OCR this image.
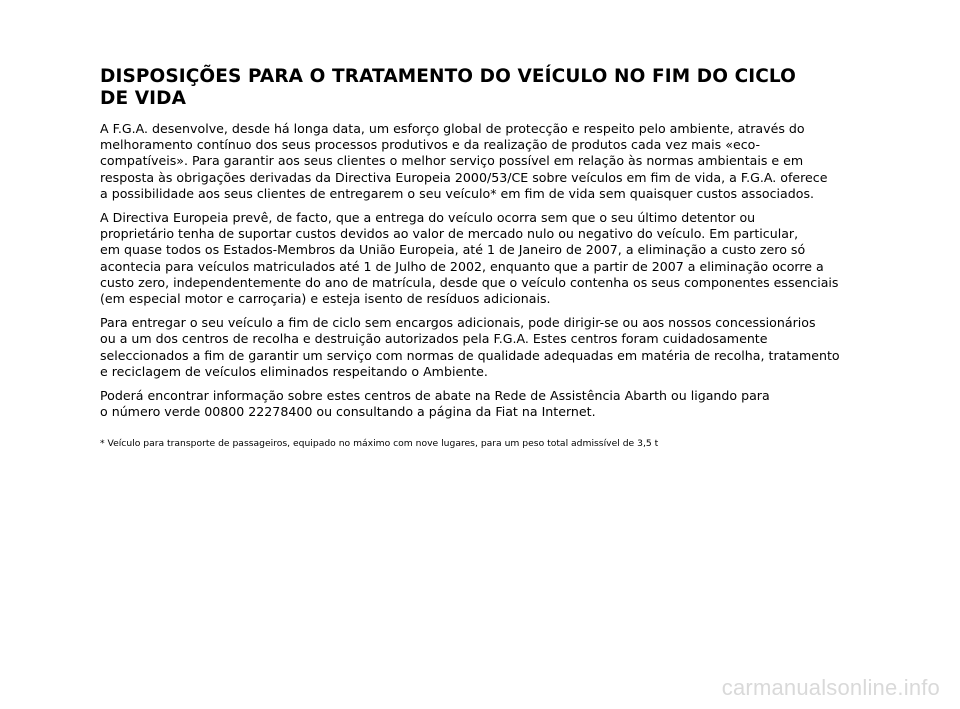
DISPOSIÇÕES PARA O TRATAMENTO DO VEÍCULO NO FIM DO CICLO
DE VIDA

A F.G.A. desenvolve, desde há longa data, um esforço global de protecção e respeito pelo ambiente, através do
melhoramento contínuo dos seus processos produtivos e da realização de produtos cada vez mais «eco-
compatíveis». Para garantir aos seus clientes o melhor serviço possível em relação às normas ambientais e em
resposta às obrigações derivadas da Directiva Europeia 2000/53/CE sobre veículos em fim de vida, a F.G.A. oferece
a possibilidade aos seus clientes de entregarem o seu veículo* em fim de vida sem quaisquer custos associados.

A Directiva Europeia prevê, de facto, que a entrega do veículo ocorra sem que o seu último detentor ou
proprietário tenha de suportar custos devidos ao valor de mercado nulo ou negativo do veículo. Em particular,
em quase todos os Estados-Membros da União Europeia, até 1 de Janeiro de 2007, a eliminação a custo zero só
acontecia para veículos matriculados até 1 de Julho de 2002, enquanto que a partir de 2007 a eliminação ocorre a
custo zero, independentemente do ano de matrícula, desde que o veículo contenha os seus componentes essenciais
(em especial motor e carroçaria) e esteja isento de resíduos adicionais.

Para entregar o seu veículo a fim de ciclo sem encargos adicionais, pode dirigir-se ou aos nossos concessionários
ou a um dos centros de recolha e destruição autorizados pela F.G.A. Estes centros foram cuidadosamente
seleccionados a fim de garantir um serviço com normas de qualidade adequadas em matéria de recolha, tratamento
e reciclagem de veículos eliminados respeitando o Ambiente.

Poderá encontrar informação sobre estes centros de abate na Rede de Assistência Abarth ou ligando para
o número verde 00800 22278400 ou consultando a página da Fiat na Internet.

* Veículo para transporte de passageiros, equipado no máximo com nove lugares, para um peso total admissível de 3,5 t
carmanualsonline.info
